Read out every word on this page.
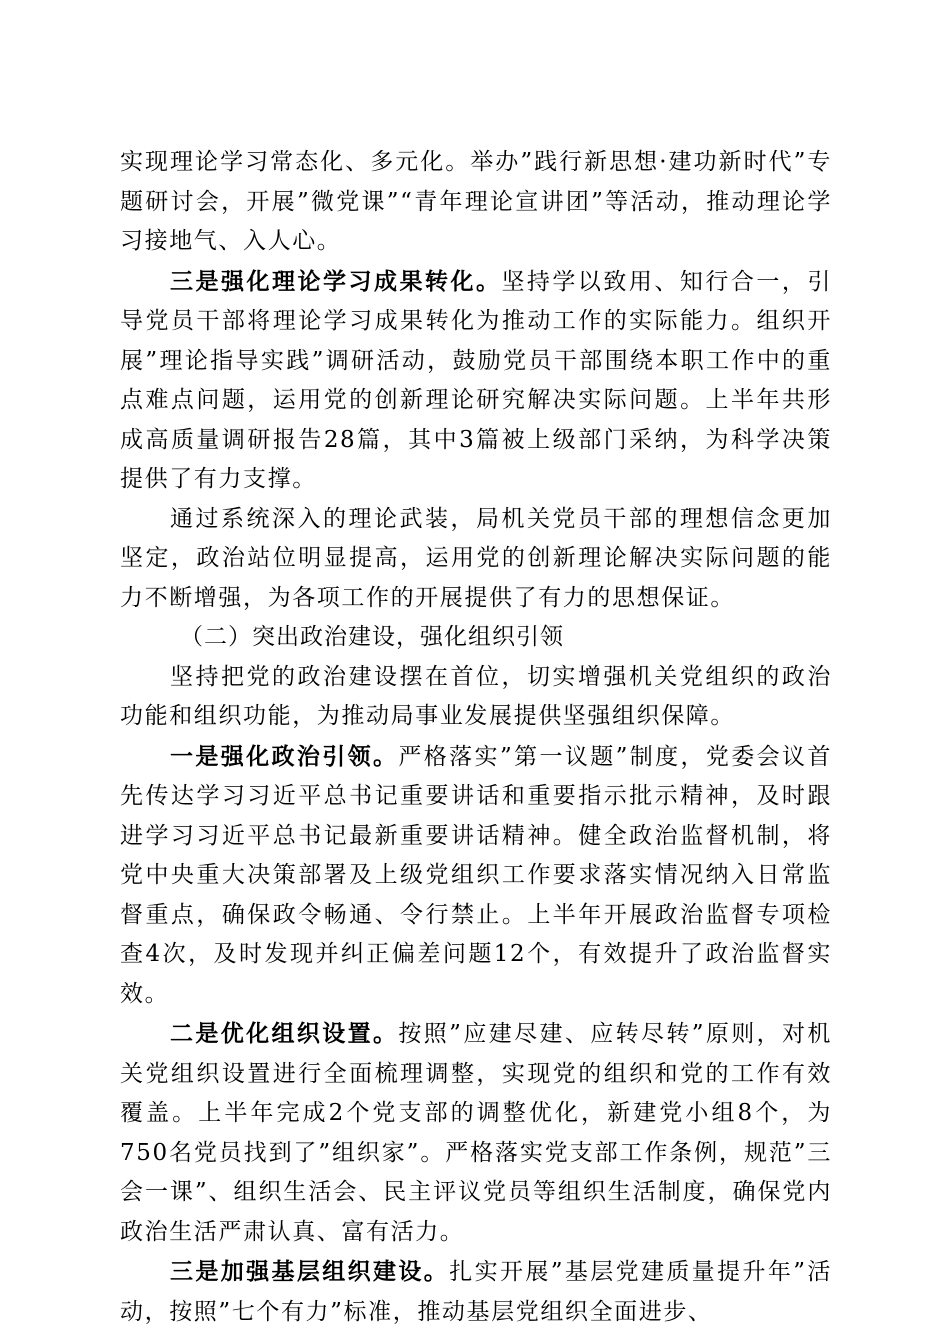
实现理论学习常态化、多元化。举办”践行新思想·建功新时代”专题研讨会，开展”微党课”“青年理论宣讲团”等活动，推动理论学习接地气、入人心。

三是强化理论学习成果转化。坚持学以致用、知行合一，引导党员干部将理论学习成果转化为推动工作的实际能力。组织开展”理论指导实践”调研活动，鼓励党员干部围绕本职工作中的重点难点问题，运用党的创新理论研究解决实际问题。上半年共形成高质量调研报告28篇，其中3篇被上级部门采纳，为科学决策提供了有力支撑。

通过系统深入的理论武装，局机关党员干部的理想信念更加坚定，政治站位明显提高，运用党的创新理论解决实际问题的能力不断增强，为各项工作的开展提供了有力的思想保证。

（二）突出政治建设，强化组织引领

坚持把党的政治建设摆在首位，切实增强机关党组织的政治功能和组织功能，为推动局事业发展提供坚强组织保障。

一是强化政治引领。严格落实”第一议题”制度，党委会议首先传达学习习近平总书记重要讲话和重要指示批示精神，及时跟进学习习近平总书记最新重要讲话精神。健全政治监督机制，将党中央重大决策部署及上级党组织工作要求落实情况纳入日常监督重点，确保政令畅通、令行禁止。上半年开展政治监督专项检查4次，及时发现并纠正偏差问题12个，有效提升了政治监督实效。

二是优化组织设置。按照”应建尽建、应转尽转”原则，对机关党组织设置进行全面梳理调整，实现党的组织和党的工作有效覆盖。上半年完成2个党支部的调整优化，新建党小组8个，为750名党员找到了”组织家”。严格落实党支部工作条例，规范”三会一课”、组织生活会、民主评议党员等组织生活制度，确保党内政治生活严肃认真、富有活力。

三是加强基层组织建设。扎实开展”基层党建质量提升年”活动，按照”七个有力”标准，推动基层党组织全面进步、
